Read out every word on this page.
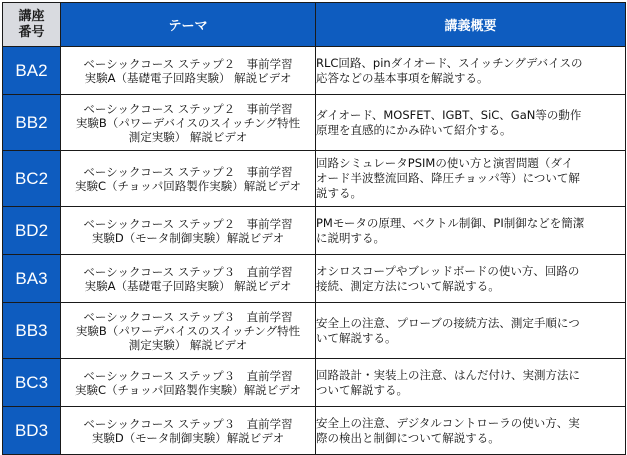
講座
番号	テーマ	講義概要
BA2	ベーシックコース ステップ２　事前学習
実験A（基礎電子回路実験） 解説ビデオ	RLC回路、pinダイオード、スイッチングデバイスの
応答などの基本事項を解説する。

BB2	ベーシックコース ステップ２　事前学習
実験B（パワーデバイスのスイッチング特性
測定実験） 解説ビデオ	ダイオード、MOSFET、IGBT、SiC、GaN等の動作
原理を直感的にかみ砕いて紹介する。

BC2	ベーシックコース ステップ２　事前学習
実験C（チョッパ回路製作実験）解説ビデオ	回路シミュレータPSIMの使い方と演習問題（ダイ
オード半波整流回路、降圧チョッパ等）について解
説する。

BD2	ベーシックコース ステップ２　事前学習
実験D（モータ制御実験）解説ビデオ	PMモータの原理、ベクトル制御、PI制御などを簡潔
に説明する。

BA3	ベーシックコース ステップ３　直前学習
実験A（基礎電子回路実験） 解説ビデオ	オシロスコープやブレッドボードの使い方、回路の
接続、測定方法について解説する。

BB3	ベーシックコース ステップ３　直前学習
実験B（パワーデバイスのスイッチング特性
測定実験） 解説ビデオ	安全上の注意、プローブの接続方法、測定手順につ
いて解説する。

BC3	ベーシックコース ステップ３　直前学習
実験C（チョッパ回路製作実験）解説ビデオ	回路設計・実装上の注意、はんだ付け、実測方法に
ついて解説する。

BD3	ベーシックコース ステップ３　直前学習
実験D（モータ制御実験）解説ビデオ	安全上の注意、デジタルコントローラの使い方、実
際の検出と制御について解説する。
